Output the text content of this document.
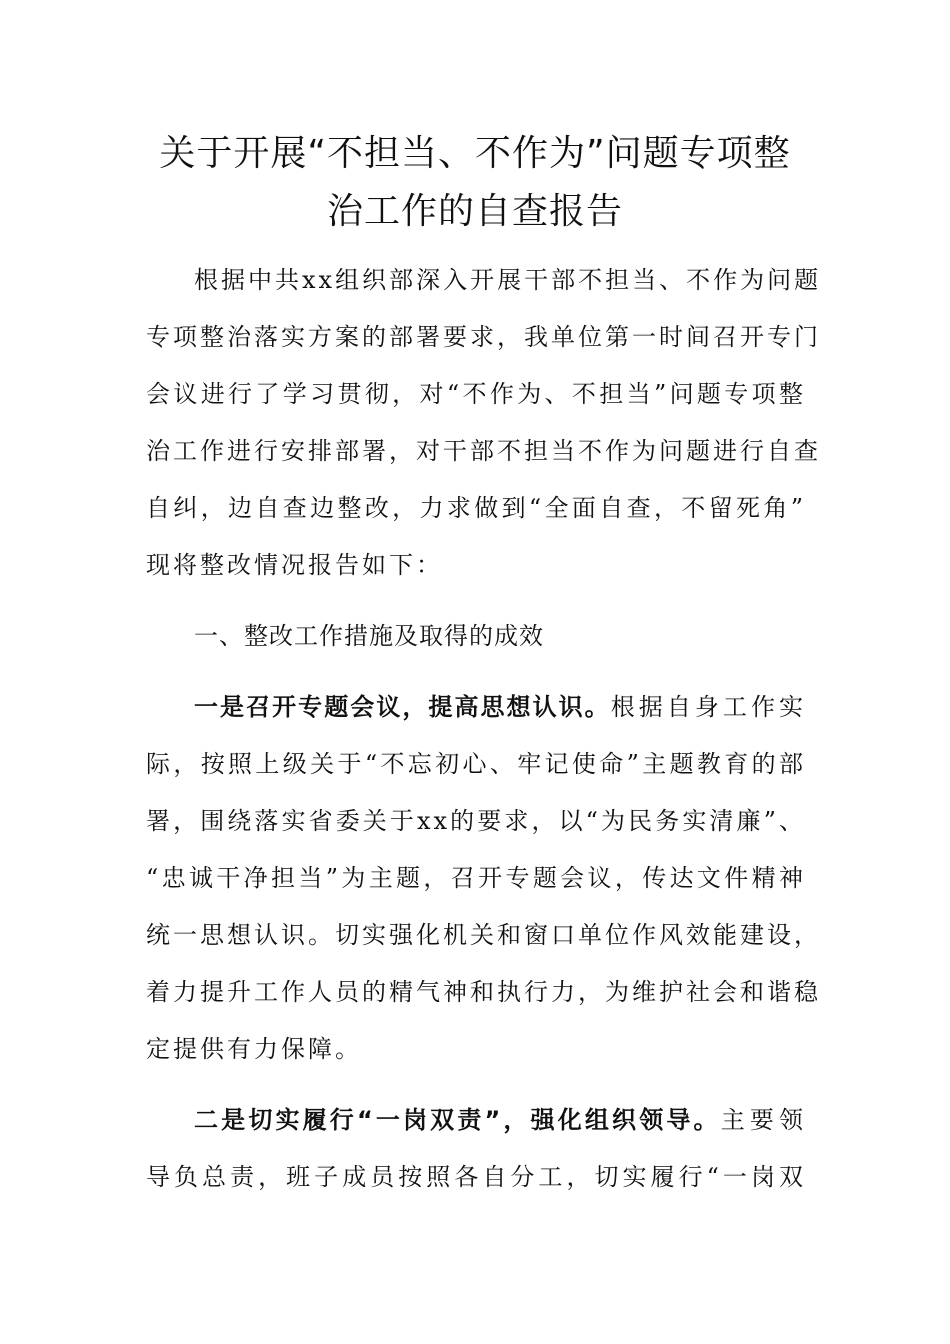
关于开展“不担当、不作为”问题专项整
治工作的自查报告
根据中共xx组织部深入开展干部不担当、不作为问题
专项整治落实方案的部署要求，我单位第一时间召开专门
会议进行了学习贯彻，对“不作为、不担当”问题专项整
治工作进行安排部署，对干部不担当不作为问题进行自查
自纠，边自查边整改，力求做到“全面自查，不留死角”
现将整改情况报告如下：
一、整改工作措施及取得的成效
一是召开专题会议，提高思想认识。根据自身工作实
际，按照上级关于“不忘初心、牢记使命”主题教育的部
署，围绕落实省委关于xx的要求，以“为民务实清廉”、
“忠诚干净担当”为主题，召开专题会议，传达文件精神
统一思想认识。切实强化机关和窗口单位作风效能建设，
着力提升工作人员的精气神和执行力，为维护社会和谐稳
定提供有力保障。
二是切实履行“一岗双责”，强化组织领导。主要领
导负总责，班子成员按照各自分工，切实履行“一岗双
